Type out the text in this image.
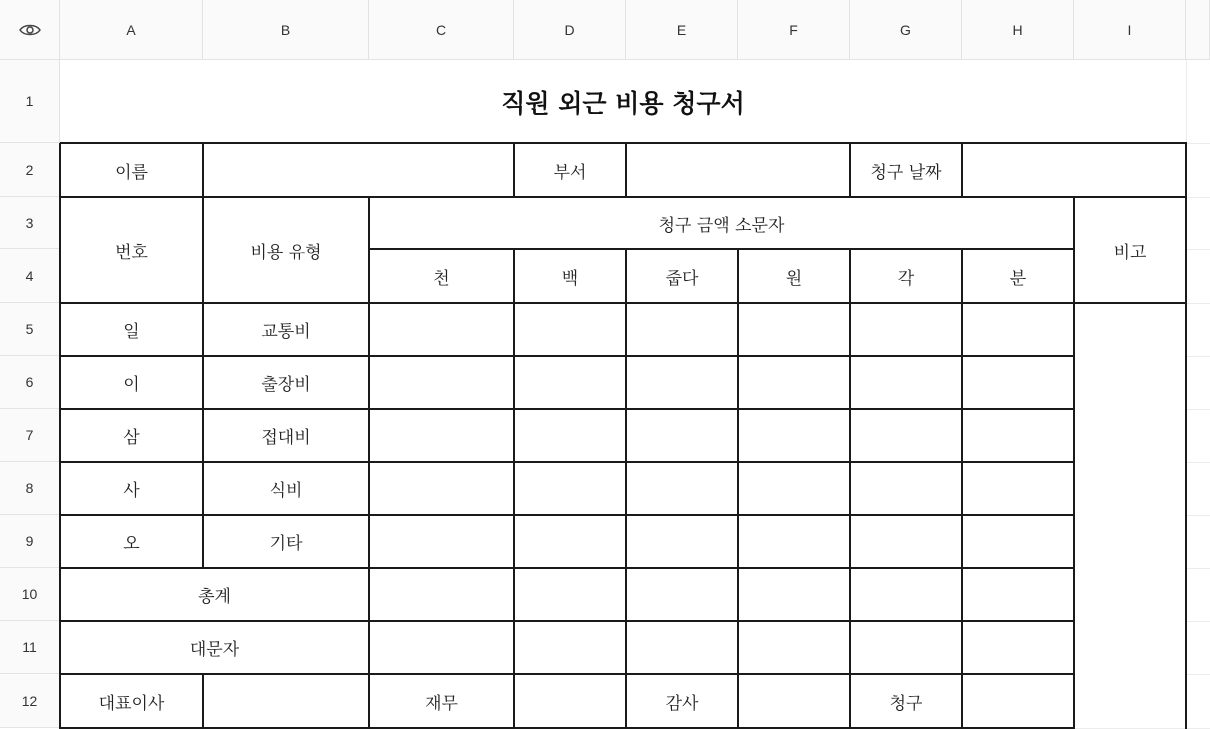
A	B	C	D	E	F	G	H	I
1
2
3
4
5
6
7
8
9
10
11
12
직원 외근 비용 청구서
이름	부서	청구 날짜
번호	비용 유형
청구 금액 소문자
비고
천	백	줍다	원	각	분
일	교통비
이	출장비
삼	접대비
사	식비
오	기타
총계
대문자
대표이사	재무	감사	청구
